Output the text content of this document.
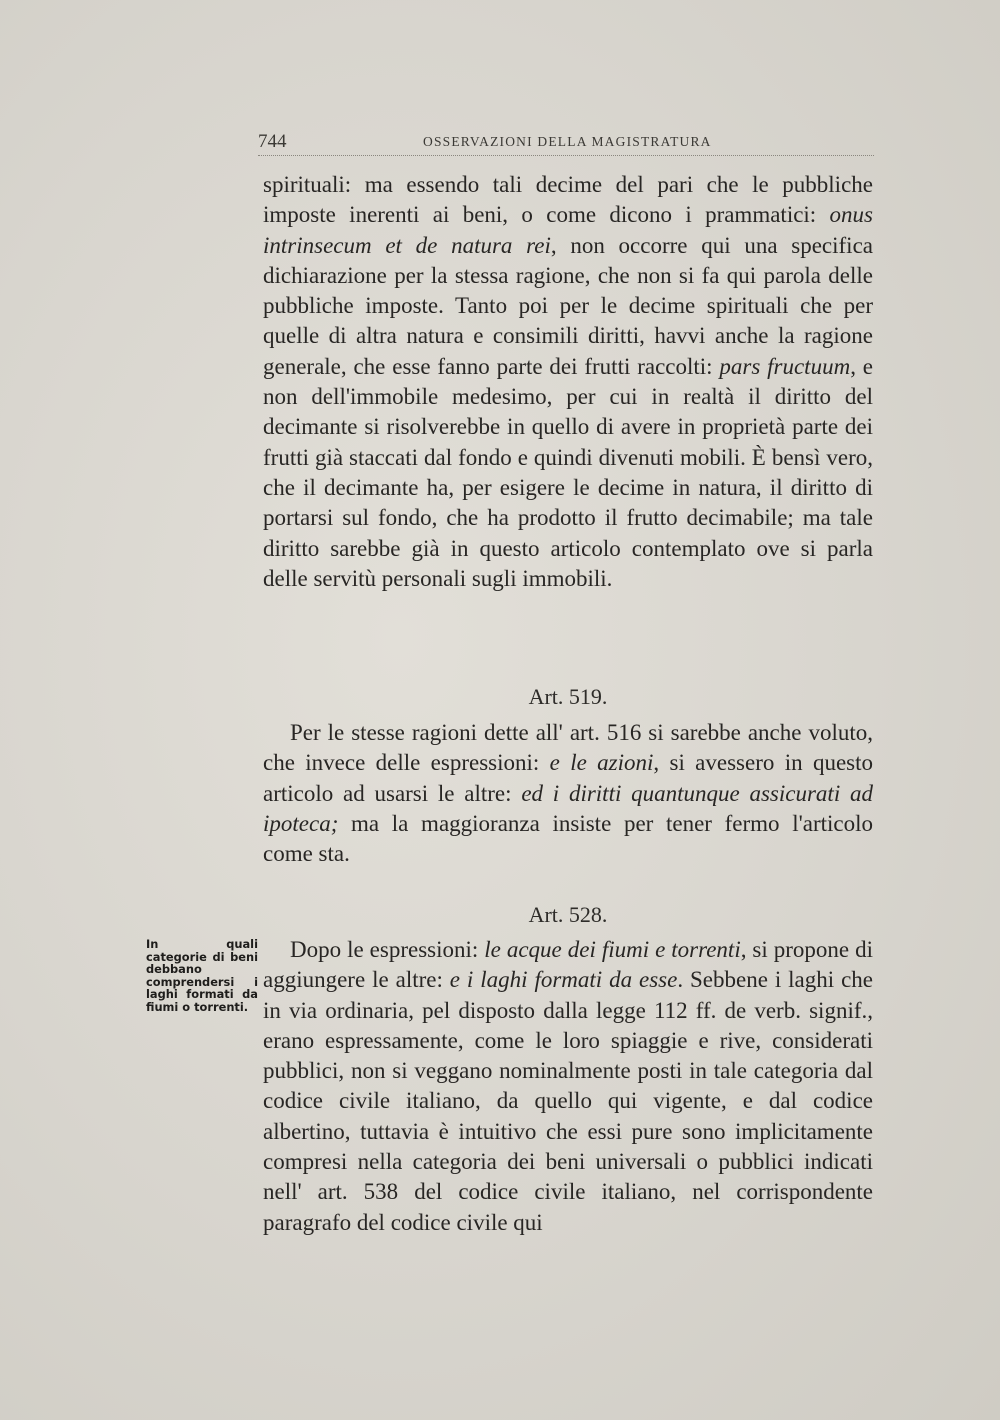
744	OSSERVAZIONI DELLA MAGISTRATURA

spirituali: ma essendo tali decime del pari che le pubbliche imposte inerenti ai beni, o come dicono i prammatici: onus intrinsecum et de natura rei, non occorre qui una specifica dichiarazione per la stessa ragione, che non si fa qui parola delle pubbliche imposte. Tanto poi per le decime spirituali che per quelle di altra natura e consimili diritti, havvi anche la ragione generale, che esse fanno parte dei frutti raccolti: pars fructuum, e non dell'immobile medesimo, per cui in realtà il diritto del decimante si risolverebbe in quello di avere in proprietà parte dei frutti già staccati dal fondo e quindi divenuti mobili. È bensì vero, che il decimante ha, per esigere le decime in natura, il diritto di portarsi sul fondo, che ha prodotto il frutto decimabile; ma tale diritto sarebbe già in questo articolo contemplato ove si parla delle servitù personali sugli immobili.

Art. 519.

Per le stesse ragioni dette all' art. 516 si sarebbe anche voluto, che invece delle espressioni: e le azioni, si avessero in questo articolo ad usarsi le altre: ed i diritti quantunque assicurati ad ipoteca; ma la maggioranza insiste per tener fermo l'articolo come sta.

Art. 528.
In quali categorie di beni debbano comprendersi i laghi formati da fiumi o torrenti.

Dopo le espressioni: le acque dei fiumi e torrenti, si propone di aggiungere le altre: e i laghi formati da esse. Sebbene i laghi che in via ordinaria, pel disposto dalla legge 112 ff. de verb. signif., erano espressamente, come le loro spiaggie e rive, considerati pubblici, non si veggano nominalmente posti in tale categoria dal codice civile italiano, da quello qui vigente, e dal codice albertino, tuttavia è intuitivo che essi pure sono implicitamente compresi nella categoria dei beni universali o pubblici indicati nell' art. 538 del codice civile italiano, nel corrispondente paragrafo del codice civile qui
